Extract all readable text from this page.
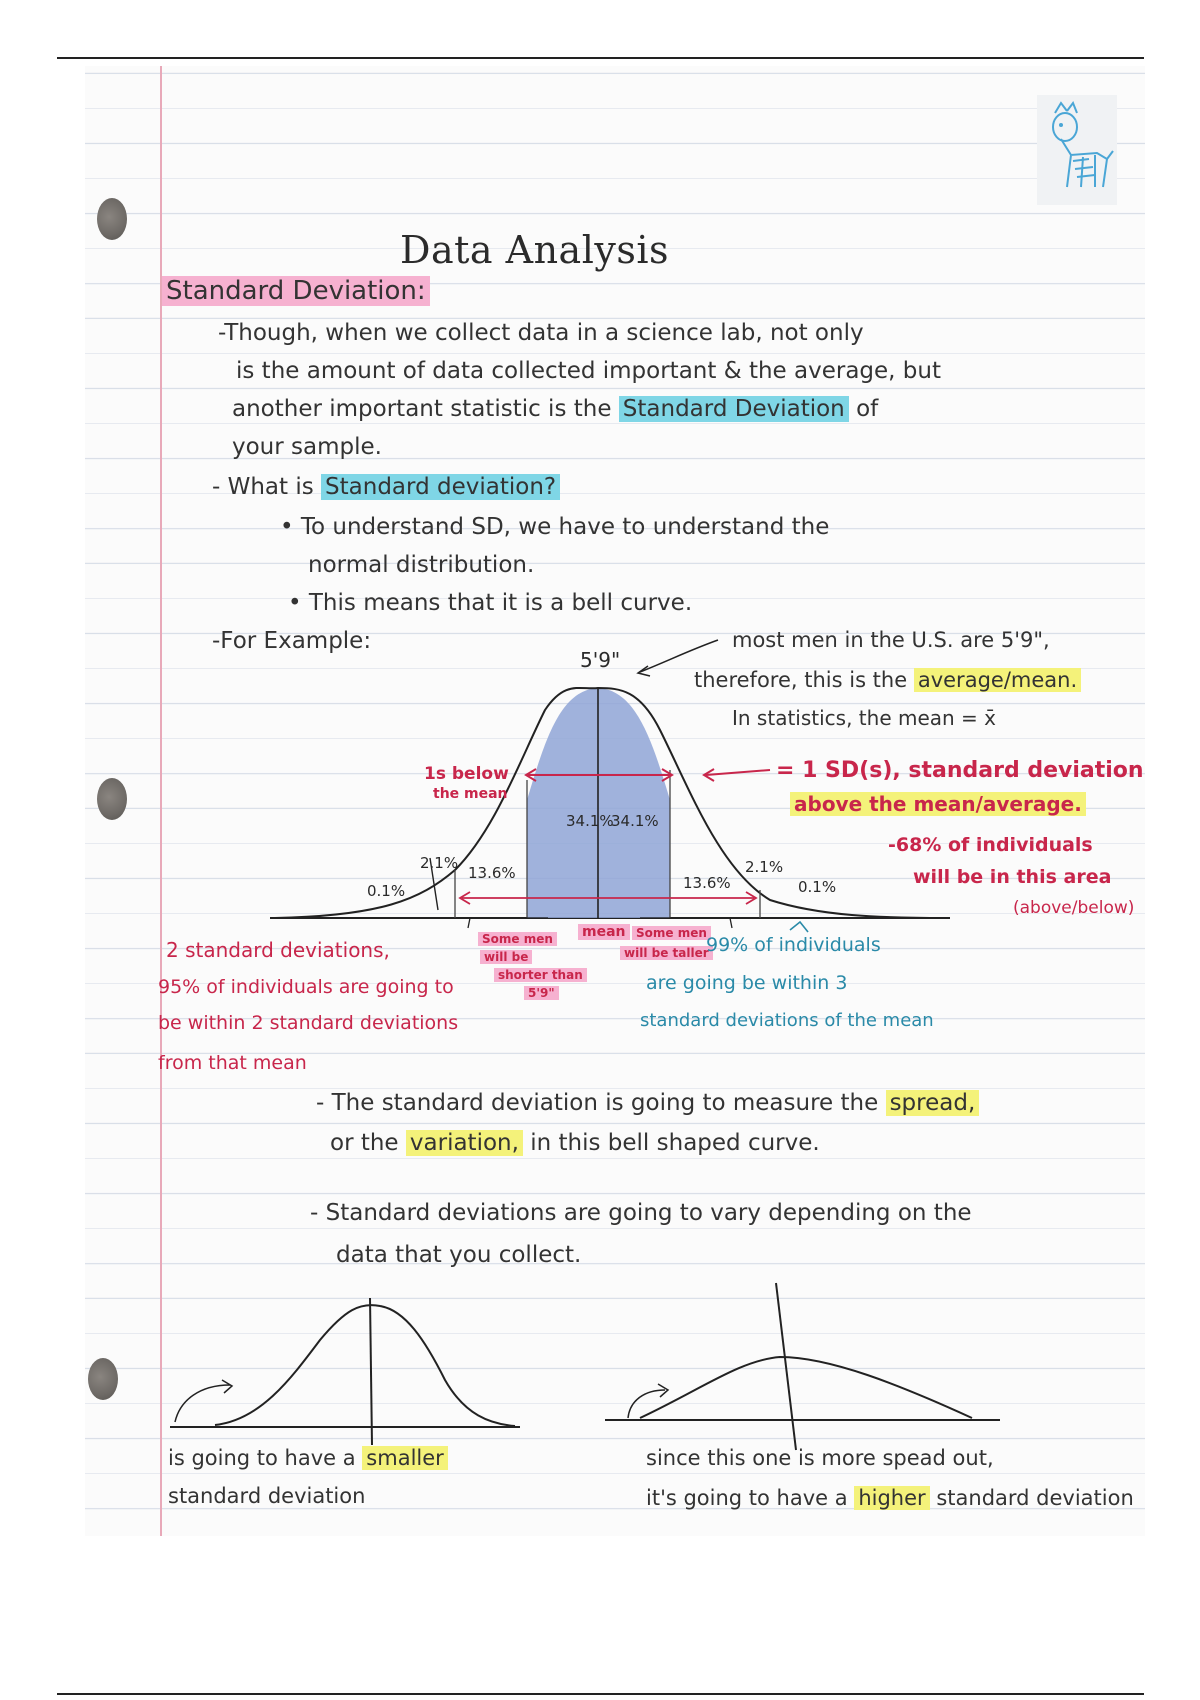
Data Analysis
Standard Deviation:
-Though, when we collect data in a science lab, not only
is the amount of data collected important & the average, but
another important statistic is the Standard Deviation of
your sample.
- What is Standard deviation?
• To understand SD, we have to understand the
normal distribution.
• This means that it is a bell curve.
-For Example:
5'9"
most men in the U.S. are 5'9",
therefore, this is the average/mean.
In statistics, the mean = x̄
= 1 SD(s), standard deviation
above the mean/average.
-68% of individuals
will be in this area
(above/below)
1s below
the mean
0.1%
2.1%
13.6%
34.1%
34.1%
13.6%
2.1%
0.1%
2 standard deviations,
95% of individuals are going to
be within 2 standard deviations
from that mean
Some men
will be
shorter than
5'9"
mean Some men
will be taller
99% of individuals
are going be within 3
standard deviations of the mean
- The standard deviation is going to measure the spread,
or the variation, in this bell shaped curve.
- Standard deviations are going to vary depending on the
data that you collect.
is going to have a smaller
standard deviation
since this one is more spead out,
it's going to have a higher standard deviation
